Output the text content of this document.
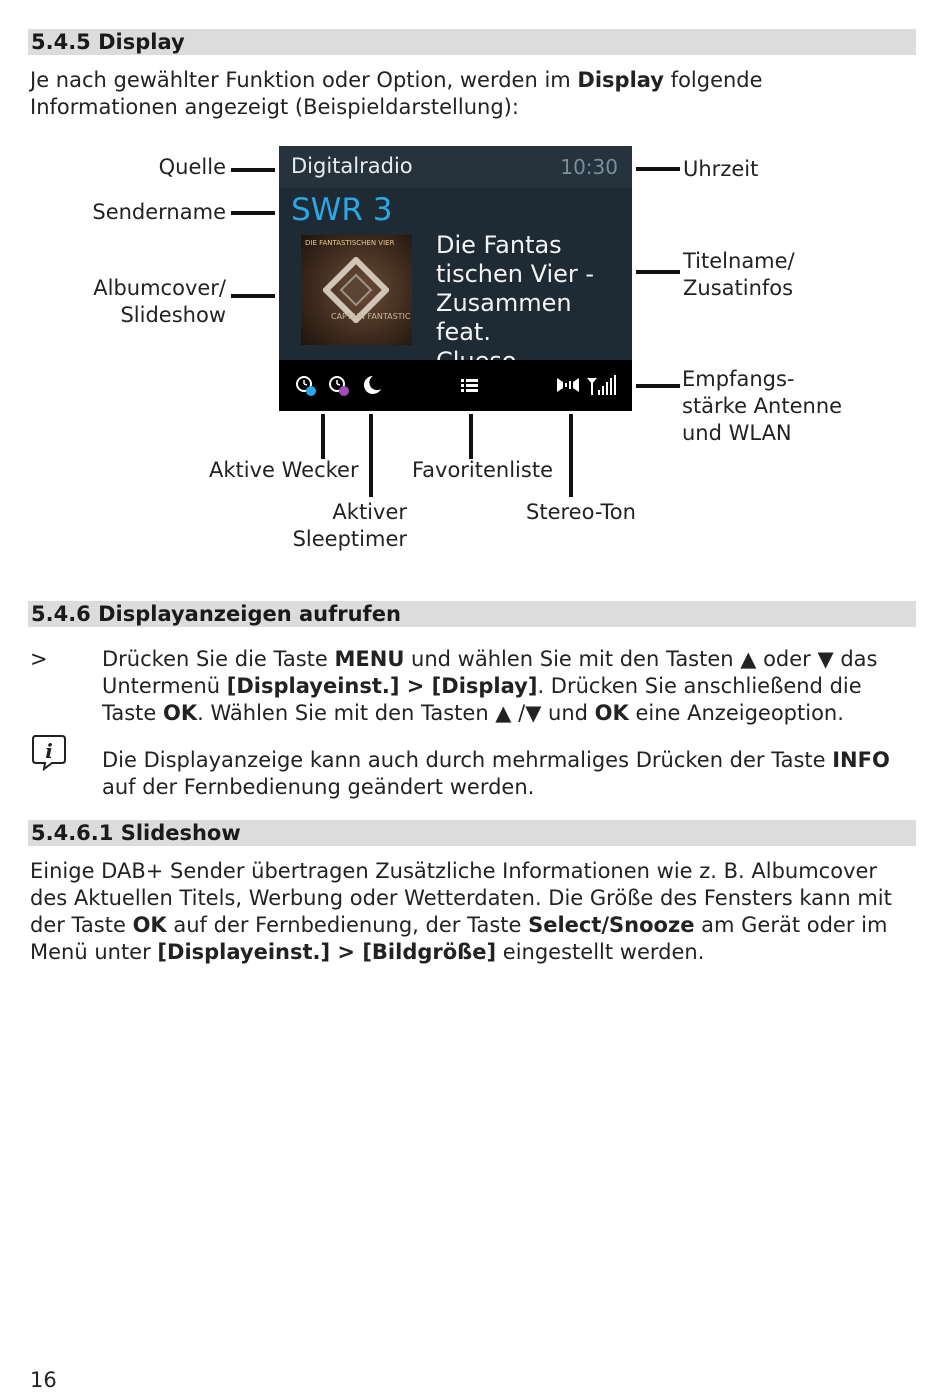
5.4.5 Display
Je nach gewählter Funktion oder Option, werden im Display folgende Informationen angezeigt (Beispieldarstellung):
Digitalradio	10:30
SWR 3
DIE FANTASTISCHEN VIER
CAPTAIN FANTASTIC
Die Fantas
tischen Vier -
Zusammen feat.
Quelle
Sendername
Albumcover/
Slideshow
Uhrzeit
Titelname/
Zusatinfos
Empfangs-
stärke Antenne
und WLAN
Aktive Wecker	Favoritenliste
Aktiver
Sleeptimer
Stereo-Ton
5.4.6 Displayanzeigen aufrufen
>	Drücken Sie die Taste MENU und wählen Sie mit den Tasten ▲ oder ▼ das Untermenü [Displayeinst.] > [Display]. Drücken Sie anschließend die Taste OK. Wählen Sie mit den Tasten ▲ /▼ und OK eine Anzeigeoption.
i Die Displayanzeige kann auch durch mehrmaliges Drücken der Taste INFO auf der Fernbedienung geändert werden.
5.4.6.1 Slideshow
Einige DAB+ Sender übertragen Zusätzliche Informationen wie z. B. Albumcover des Aktuellen Titels, Werbung oder Wetterdaten. Die Größe des Fensters kann mit der Taste OK auf der Fernbedienung, der Taste Select/Snooze am Gerät oder im Menü unter [Displayeinst.] > [Bildgröße] eingestellt werden.
16
